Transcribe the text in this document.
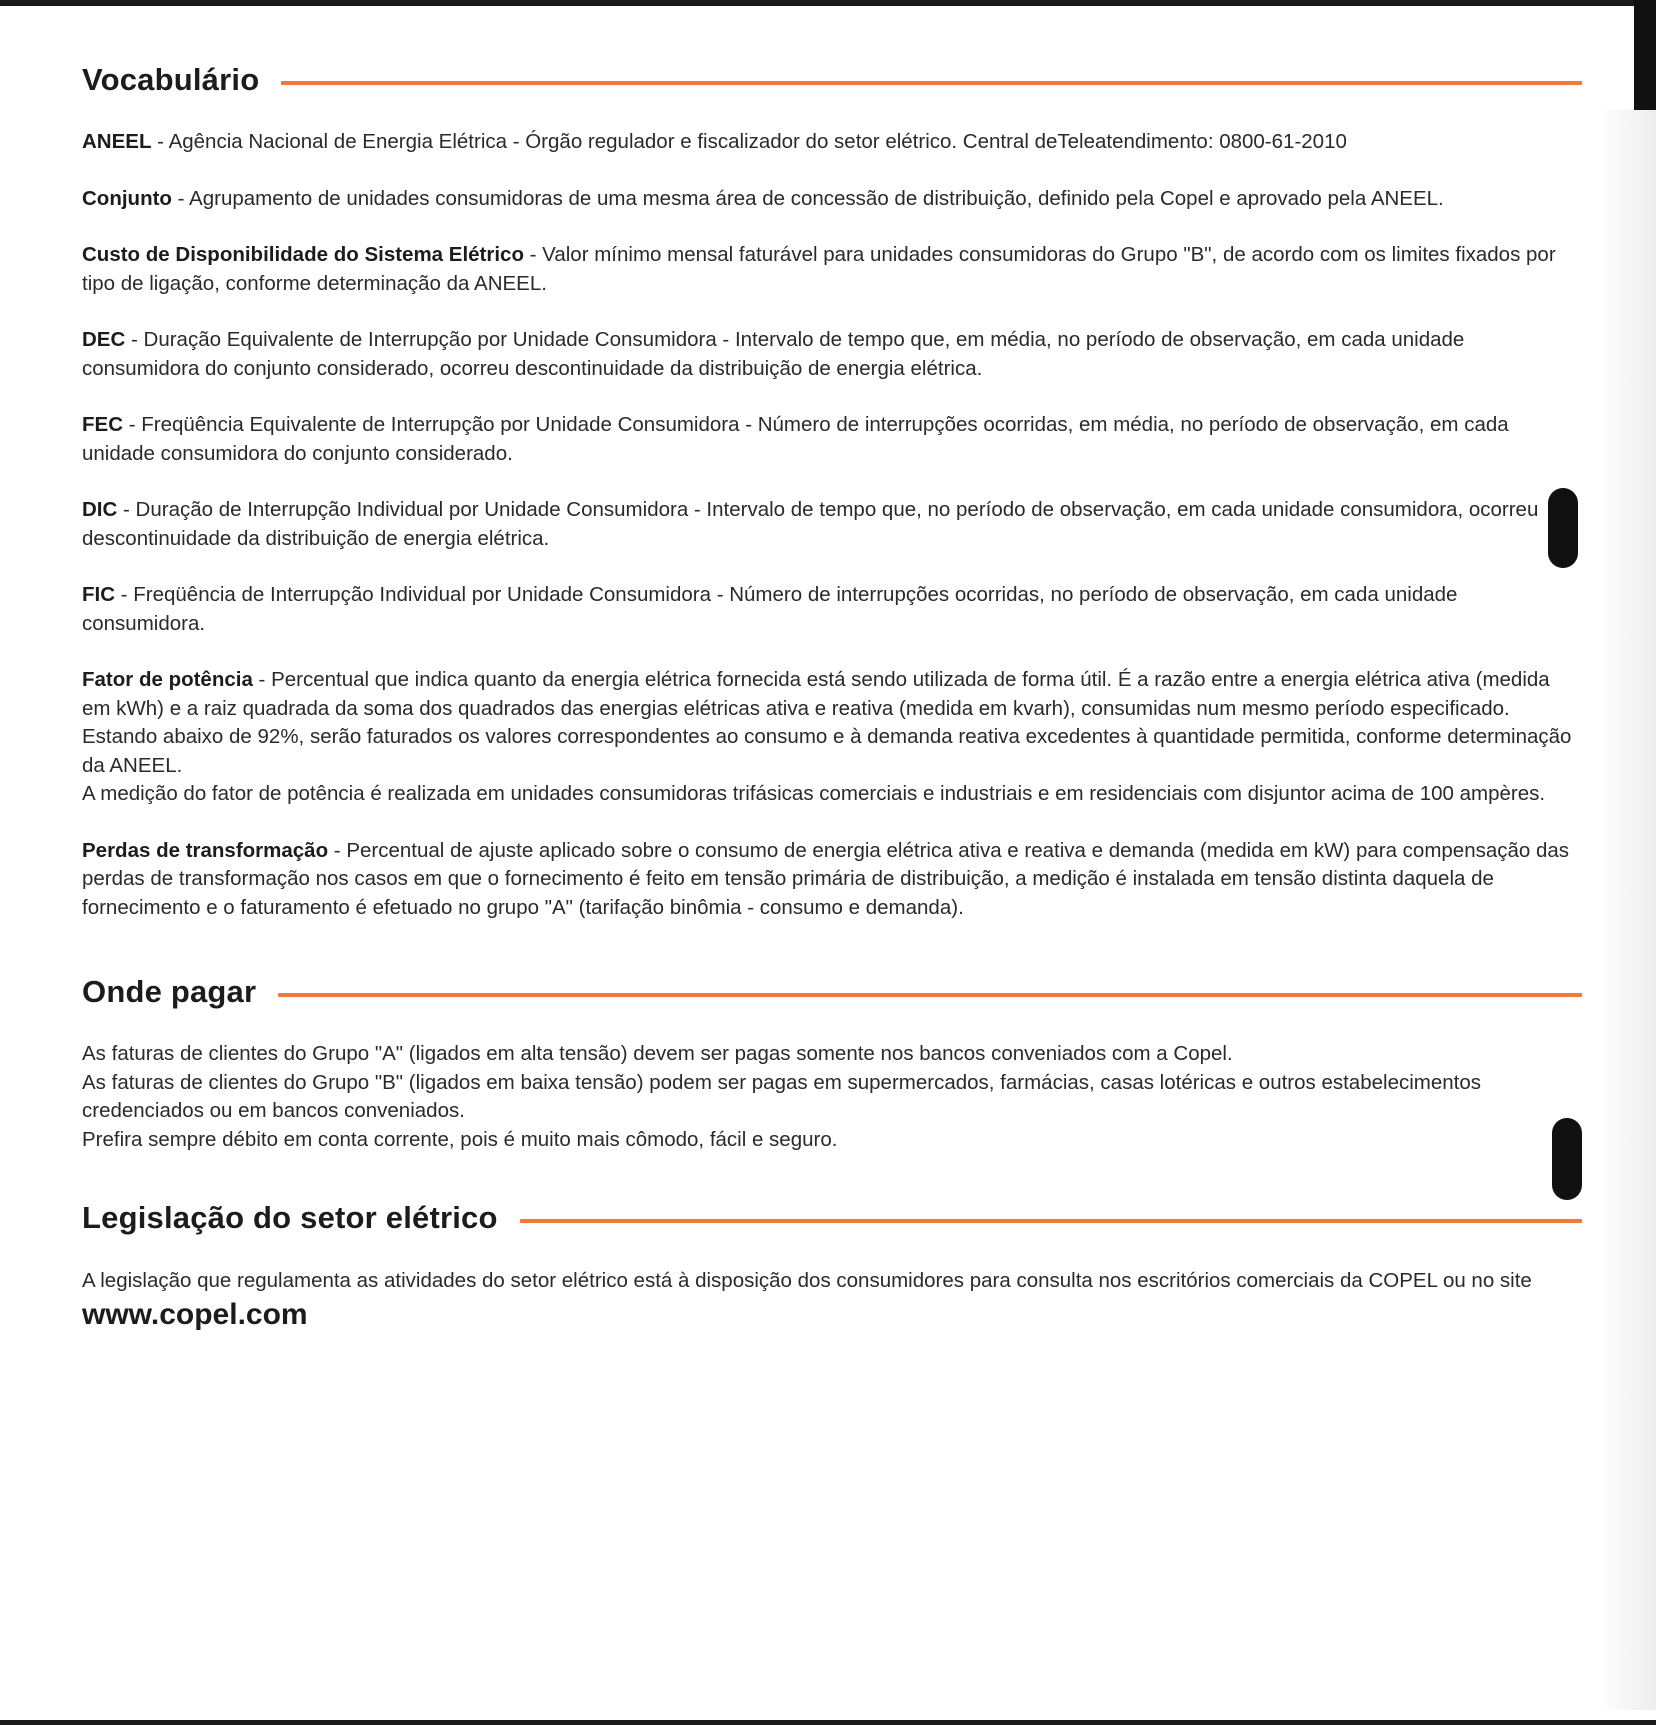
Vocabulário

ANEEL - Agência Nacional de Energia Elétrica - Órgão regulador e fiscalizador do setor elétrico. Central deTeleatendimento: 0800-61-2010

Conjunto - Agrupamento de unidades consumidoras de uma mesma área de concessão de distribuição, definido pela Copel e aprovado pela ANEEL.

Custo de Disponibilidade do Sistema Elétrico - Valor mínimo mensal faturável para unidades consumidoras do Grupo "B", de acordo com os limites fixados por tipo de ligação, conforme determinação da ANEEL.

DEC - Duração Equivalente de Interrupção por Unidade Consumidora - Intervalo de tempo que, em média, no período de observação, em cada unidade consumidora do conjunto considerado, ocorreu descontinuidade da distribuição de energia elétrica.

FEC - Freqüência Equivalente de Interrupção por Unidade Consumidora - Número de interrupções ocorridas, em média, no período de observação, em cada unidade consumidora do conjunto considerado.

DIC - Duração de Interrupção Individual por Unidade Consumidora - Intervalo de tempo que, no período de observação, em cada unidade consumidora, ocorreu descontinuidade da distribuição de energia elétrica.

FIC - Freqüência de Interrupção Individual por Unidade Consumidora - Número de interrupções ocorridas, no período de observação, em cada unidade consumidora.

Fator de potência - Percentual que indica quanto da energia elétrica fornecida está sendo utilizada de forma útil. É a razão entre a energia elétrica ativa (medida em kWh) e a raiz quadrada da soma dos quadrados das energias elétricas ativa e reativa (medida em kvarh), consumidas num mesmo período especificado. Estando abaixo de 92%, serão faturados os valores correspondentes ao consumo e à demanda reativa excedentes à quantidade permitida, conforme determinação da ANEEL.
A medição do fator de potência é realizada em unidades consumidoras trifásicas comerciais e industriais e em residenciais com disjuntor acima de 100 ampères.

Perdas de transformação - Percentual de ajuste aplicado sobre o consumo de energia elétrica ativa e reativa e demanda (medida em kW) para compensação das perdas de transformação nos casos em que o fornecimento é feito em tensão primária de distribuição, a medição é instalada em tensão distinta daquela de fornecimento e o faturamento é efetuado no grupo "A" (tarifação binômia - consumo e demanda).

Onde pagar

As faturas de clientes do Grupo "A" (ligados em alta tensão) devem ser pagas somente nos bancos conveniados com a Copel.

As faturas de clientes do Grupo "B" (ligados em baixa tensão) podem ser pagas em supermercados, farmácias, casas lotéricas e outros estabelecimentos credenciados ou em bancos conveniados.

Prefira sempre débito em conta corrente, pois é muito mais cômodo, fácil e seguro.

Legislação do setor elétrico

A legislação que regulamenta as atividades do setor elétrico está à disposição dos consumidores para consulta nos escritórios comerciais da COPEL ou no site www.copel.com
